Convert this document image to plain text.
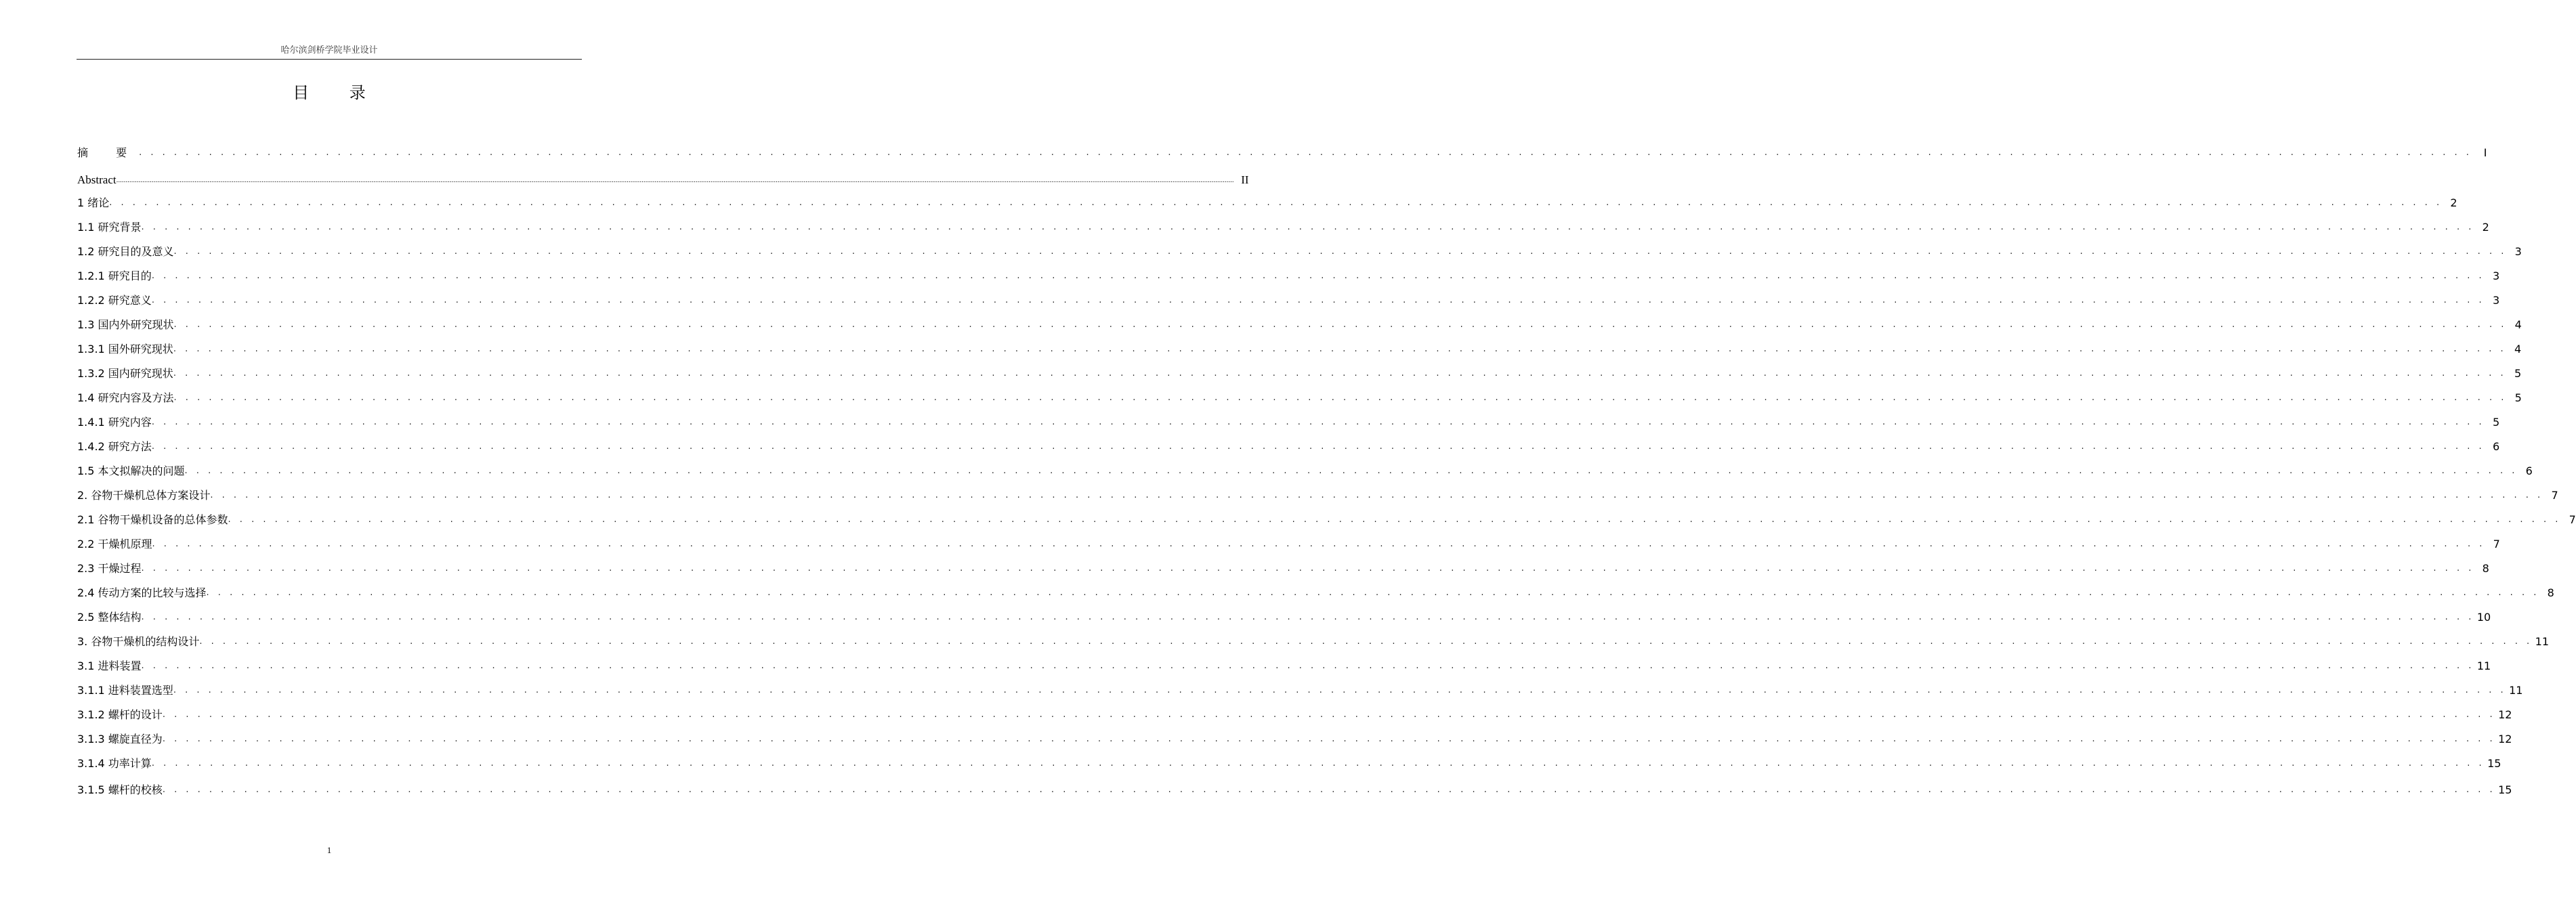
哈尔滨剑桥学院毕业设计
目 录
摘 要 . . . . . . . . . . . . . . . . . . . . . . . . . . . . . . . . . . . . . . . . . . . . . . . . . . . . . . . . . . . . . . . . . . . . . . . . . . . . . . . . . . . . . . . . . . . . . . . . . . . . . . . . . . . . . . . . . . . . . . . . . . . . . . . . . . . . . . . . . . . . . . . . . . . . . . . . . . . . . . . . . . . . . . . . . . . . . . . . . . . . . . . . . . . . . . . . . . . . . . . .	I
Abstract ........................................................................................................................................................................................................................................................................................................................................................................................................................................................................................................................................................................................................................ II
1 绪论 . . . . . . . . . . . . . . . . . . . . . . . . . . . . . . . . . . . . . . . . . . . . . . . . . . . . . . . . . . . . . . . . . . . . . . . . . . . . . . . . . . . . . . . . . . . . . . . . . . . . . . . . . . . . . . . . . . . . . . . . . . . . . . . . . . . . . . . . . . . . . . . . . . . . . . . . . . . . . . . . . . . . . . . . . . . . . . . . . . . . . . . . . . . . . . . . . . . . . . . . 2
1.1 研究背景 . . . . . . . . . . . . . . . . . . . . . . . . . . . . . . . . . . . . . . . . . . . . . . . . . . . . . . . . . . . . . . . . . . . . . . . . . . . . . . . . . . . . . . . . . . . . . . . . . . . . . . . . . . . . . . . . . . . . . . . . . . . . . . . . . . . . . . . . . . . . . . . . . . . . . . . . . . . . . . . . . . . . . . . . . . . . . . . . . . . . . . . . . . . . . . . . . . . . . . . . 2
1.2 研究目的及意义 . . . . . . . . . . . . . . . . . . . . . . . . . . . . . . . . . . . . . . . . . . . . . . . . . . . . . . . . . . . . . . . . . . . . . . . . . . . . . . . . . . . . . . . . . . . . . . . . . . . . . . . . . . . . . . . . . . . . . . . . . . . . . . . . . . . . . . . . . . . . . . . . . . . . . . . . . . . . . . . . . . . . . . . . . . . . . . . . . . . . . . . . . . . . . . . . . . . . . . . . 3
1.2.1 研究目的 . . . . . . . . . . . . . . . . . . . . . . . . . . . . . . . . . . . . . . . . . . . . . . . . . . . . . . . . . . . . . . . . . . . . . . . . . . . . . . . . . . . . . . . . . . . . . . . . . . . . . . . . . . . . . . . . . . . . . . . . . . . . . . . . . . . . . . . . . . . . . . . . . . . . . . . . . . . . . . . . . . . . . . . . . . . . . . . . . . . . . . . . . . . . . . . . . . . . . . . . 3
1.2.2 研究意义 . . . . . . . . . . . . . . . . . . . . . . . . . . . . . . . . . . . . . . . . . . . . . . . . . . . . . . . . . . . . . . . . . . . . . . . . . . . . . . . . . . . . . . . . . . . . . . . . . . . . . . . . . . . . . . . . . . . . . . . . . . . . . . . . . . . . . . . . . . . . . . . . . . . . . . . . . . . . . . . . . . . . . . . . . . . . . . . . . . . . . . . . . . . . . . . . . . . . . . . . 3
1.3 国内外研究现状 . . . . . . . . . . . . . . . . . . . . . . . . . . . . . . . . . . . . . . . . . . . . . . . . . . . . . . . . . . . . . . . . . . . . . . . . . . . . . . . . . . . . . . . . . . . . . . . . . . . . . . . . . . . . . . . . . . . . . . . . . . . . . . . . . . . . . . . . . . . . . . . . . . . . . . . . . . . . . . . . . . . . . . . . . . . . . . . . . . . . . . . . . . . . . . . . . . . . . . . . 4
1.3.1 国外研究现状 . . . . . . . . . . . . . . . . . . . . . . . . . . . . . . . . . . . . . . . . . . . . . . . . . . . . . . . . . . . . . . . . . . . . . . . . . . . . . . . . . . . . . . . . . . . . . . . . . . . . . . . . . . . . . . . . . . . . . . . . . . . . . . . . . . . . . . . . . . . . . . . . . . . . . . . . . . . . . . . . . . . . . . . . . . . . . . . . . . . . . . . . . . . . . . . . . . . . . . . . 4
1.3.2 国内研究现状 . . . . . . . . . . . . . . . . . . . . . . . . . . . . . . . . . . . . . . . . . . . . . . . . . . . . . . . . . . . . . . . . . . . . . . . . . . . . . . . . . . . . . . . . . . . . . . . . . . . . . . . . . . . . . . . . . . . . . . . . . . . . . . . . . . . . . . . . . . . . . . . . . . . . . . . . . . . . . . . . . . . . . . . . . . . . . . . . . . . . . . . . . . . . . . . . . . . . . . . . 5
1.4 研究内容及方法 . . . . . . . . . . . . . . . . . . . . . . . . . . . . . . . . . . . . . . . . . . . . . . . . . . . . . . . . . . . . . . . . . . . . . . . . . . . . . . . . . . . . . . . . . . . . . . . . . . . . . . . . . . . . . . . . . . . . . . . . . . . . . . . . . . . . . . . . . . . . . . . . . . . . . . . . . . . . . . . . . . . . . . . . . . . . . . . . . . . . . . . . . . . . . . . . . . . . . . . . 5
1.4.1 研究内容 . . . . . . . . . . . . . . . . . . . . . . . . . . . . . . . . . . . . . . . . . . . . . . . . . . . . . . . . . . . . . . . . . . . . . . . . . . . . . . . . . . . . . . . . . . . . . . . . . . . . . . . . . . . . . . . . . . . . . . . . . . . . . . . . . . . . . . . . . . . . . . . . . . . . . . . . . . . . . . . . . . . . . . . . . . . . . . . . . . . . . . . . . . . . . . . . . . . . . . . . 5
1.4.2 研究方法 . . . . . . . . . . . . . . . . . . . . . . . . . . . . . . . . . . . . . . . . . . . . . . . . . . . . . . . . . . . . . . . . . . . . . . . . . . . . . . . . . . . . . . . . . . . . . . . . . . . . . . . . . . . . . . . . . . . . . . . . . . . . . . . . . . . . . . . . . . . . . . . . . . . . . . . . . . . . . . . . . . . . . . . . . . . . . . . . . . . . . . . . . . . . . . . . . . . . . . . . 6
1.5 本文拟解决的问题 . . . . . . . . . . . . . . . . . . . . . . . . . . . . . . . . . . . . . . . . . . . . . . . . . . . . . . . . . . . . . . . . . . . . . . . . . . . . . . . . . . . . . . . . . . . . . . . . . . . . . . . . . . . . . . . . . . . . . . . . . . . . . . . . . . . . . . . . . . . . . . . . . . . . . . . . . . . . . . . . . . . . . . . . . . . . . . . . . . . . . . . . . . . . . . . . . . . . . . . . 6
2. 谷物干燥机总体方案设计 . . . . . . . . . . . . . . . . . . . . . . . . . . . . . . . . . . . . . . . . . . . . . . . . . . . . . . . . . . . . . . . . . . . . . . . . . . . . . . . . . . . . . . . . . . . . . . . . . . . . . . . . . . . . . . . . . . . . . . . . . . . . . . . . . . . . . . . . . . . . . . . . . . . . . . . . . . . . . . . . . . . . . . . . . . . . . . . . . . . . . . . . . . . . . . . . . . . . . . . . 7
2.1 谷物干燥机设备的总体参数 . . . . . . . . . . . . . . . . . . . . . . . . . . . . . . . . . . . . . . . . . . . . . . . . . . . . . . . . . . . . . . . . . . . . . . . . . . . . . . . . . . . . . . . . . . . . . . . . . . . . . . . . . . . . . . . . . . . . . . . . . . . . . . . . . . . . . . . . . . . . . . . . . . . . . . . . . . . . . . . . . . . . . . . . . . . . . . . . . . . . . . . . . . . . . . . . . . . . . . . . 7
2.2 干燥机原理 . . . . . . . . . . . . . . . . . . . . . . . . . . . . . . . . . . . . . . . . . . . . . . . . . . . . . . . . . . . . . . . . . . . . . . . . . . . . . . . . . . . . . . . . . . . . . . . . . . . . . . . . . . . . . . . . . . . . . . . . . . . . . . . . . . . . . . . . . . . . . . . . . . . . . . . . . . . . . . . . . . . . . . . . . . . . . . . . . . . . . . . . . . . . . . . . . . . . . . . . 7
2.3 干燥过程 . . . . . . . . . . . . . . . . . . . . . . . . . . . . . . . . . . . . . . . . . . . . . . . . . . . . . . . . . . . . . . . . . . . . . . . . . . . . . . . . . . . . . . . . . . . . . . . . . . . . . . . . . . . . . . . . . . . . . . . . . . . . . . . . . . . . . . . . . . . . . . . . . . . . . . . . . . . . . . . . . . . . . . . . . . . . . . . . . . . . . . . . . . . . . . . . . . . . . . . . 8
2.4 传动方案的比较与选择 . . . . . . . . . . . . . . . . . . . . . . . . . . . . . . . . . . . . . . . . . . . . . . . . . . . . . . . . . . . . . . . . . . . . . . . . . . . . . . . . . . . . . . . . . . . . . . . . . . . . . . . . . . . . . . . . . . . . . . . . . . . . . . . . . . . . . . . . . . . . . . . . . . . . . . . . . . . . . . . . . . . . . . . . . . . . . . . . . . . . . . . . . . . . . . . . . . . . . . . . 8
2.5 整体结构 . . . . . . . . . . . . . . . . . . . . . . . . . . . . . . . . . . . . . . . . . . . . . . . . . . . . . . . . . . . . . . . . . . . . . . . . . . . . . . . . . . . . . . . . . . . . . . . . . . . . . . . . . . . . . . . . . . . . . . . . . . . . . . . . . . . . . . . . . . . . . . . . . . . . . . . . . . . . . . . . . . . . . . . . . . . . . . . . . . . . . . . . . . . . . . . . . . . . . . . . 10
3. 谷物干燥机的结构设计 . . . . . . . . . . . . . . . . . . . . . . . . . . . . . . . . . . . . . . . . . . . . . . . . . . . . . . . . . . . . . . . . . . . . . . . . . . . . . . . . . . . . . . . . . . . . . . . . . . . . . . . . . . . . . . . . . . . . . . . . . . . . . . . . . . . . . . . . . . . . . . . . . . . . . . . . . . . . . . . . . . . . . . . . . . . . . . . . . . . . . . . . . . . . . . . . . . . . . . . . 11
3.1 进料装置 . . . . . . . . . . . . . . . . . . . . . . . . . . . . . . . . . . . . . . . . . . . . . . . . . . . . . . . . . . . . . . . . . . . . . . . . . . . . . . . . . . . . . . . . . . . . . . . . . . . . . . . . . . . . . . . . . . . . . . . . . . . . . . . . . . . . . . . . . . . . . . . . . . . . . . . . . . . . . . . . . . . . . . . . . . . . . . . . . . . . . . . . . . . . . . . . . . . . . . . . 11
3.1.1 进料装置选型 . . . . . . . . . . . . . . . . . . . . . . . . . . . . . . . . . . . . . . . . . . . . . . . . . . . . . . . . . . . . . . . . . . . . . . . . . . . . . . . . . . . . . . . . . . . . . . . . . . . . . . . . . . . . . . . . . . . . . . . . . . . . . . . . . . . . . . . . . . . . . . . . . . . . . . . . . . . . . . . . . . . . . . . . . . . . . . . . . . . . . . . . . . . . . . . . . . . . . . . . 11
3.1.2 螺杆的设计 . . . . . . . . . . . . . . . . . . . . . . . . . . . . . . . . . . . . . . . . . . . . . . . . . . . . . . . . . . . . . . . . . . . . . . . . . . . . . . . . . . . . . . . . . . . . . . . . . . . . . . . . . . . . . . . . . . . . . . . . . . . . . . . . . . . . . . . . . . . . . . . . . . . . . . . . . . . . . . . . . . . . . . . . . . . . . . . . . . . . . . . . . . . . . . . . . . . . . . . . 12
3.1.3 螺旋直径为 . . . . . . . . . . . . . . . . . . . . . . . . . . . . . . . . . . . . . . . . . . . . . . . . . . . . . . . . . . . . . . . . . . . . . . . . . . . . . . . . . . . . . . . . . . . . . . . . . . . . . . . . . . . . . . . . . . . . . . . . . . . . . . . . . . . . . . . . . . . . . . . . . . . . . . . . . . . . . . . . . . . . . . . . . . . . . . . . . . . . . . . . . . . . . . . . . . . . . . . . 12
3.1.4 功率计算 . . . . . . . . . . . . . . . . . . . . . . . . . . . . . . . . . . . . . . . . . . . . . . . . . . . . . . . . . . . . . . . . . . . . . . . . . . . . . . . . . . . . . . . . . . . . . . . . . . . . . . . . . . . . . . . . . . . . . . . . . . . . . . . . . . . . . . . . . . . . . . . . . . . . . . . . . . . . . . . . . . . . . . . . . . . . . . . . . . . . . . . . . . . . . . . . . . . . . . . . 15
3.1.5 螺杆的校核 . . . . . . . . . . . . . . . . . . . . . . . . . . . . . . . . . . . . . . . . . . . . . . . . . . . . . . . . . . . . . . . . . . . . . . . . . . . . . . . . . . . . . . . . . . . . . . . . . . . . . . . . . . . . . . . . . . . . . . . . . . . . . . . . . . . . . . . . . . . . . . . . . . . . . . . . . . . . . . . . . . . . . . . . . . . . . . . . . . . . . . . . . . . . . . . . . . . . . . . . 15
1
